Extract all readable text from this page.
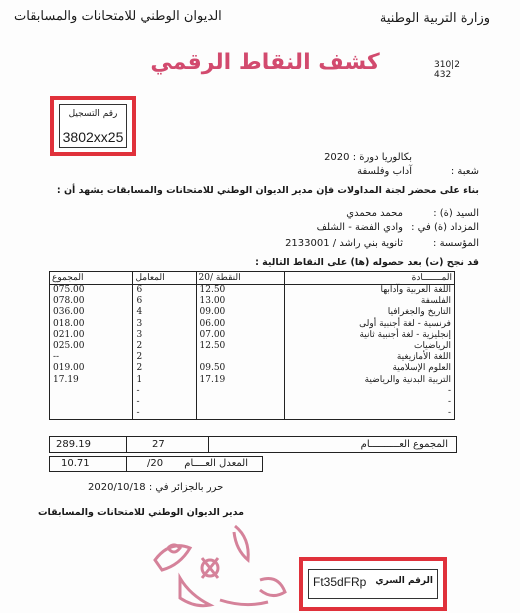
الديوان الوطني للامتحانات والمسابقات	وزارة التربية الوطنية
كشف النقاط الرقمي	310|2
432
رقم التسجيل
3802xx25
بكالوريا دورة : 2020
شعبة :
آداب وفلسفة
بناء على محضر لجنة المداولات فإن مدير الديوان الوطني للامتحانات والمسابقات يشهد أن :
السيد (ة) :
محمد محمدي
المزداد (ة) في :
وادي الفضة - الشلف
المؤسسة :
ثانوية بني راشد / 2133001
قد نجح (ت) بعد حصوله (ها) على النقاط التالية :
المجموع	المعامل	النقطة /20	المـــــــادة
075.00	6	12.50	اللغة العربية وآدابها
078.00	6	13.00	الفلسفة
036.00	4	09.00	التاريخ والجغرافيا
018.00	3	06.00	فرنسية - لغة أجنبية أولى
021.00	3	07.00	إنجليزية - لغة أجنبية ثانية
025.00	2	12.50	الرياضيات
--	2		اللغة الأمازيغية
019.00	2	09.50	العلوم الإسلامية
17.19	1	17.19	التربية البدنية والرياضية
	-		-
	-		-
	-		-
289.19	27	المجموع العــــــــــام
10.71	/20	المعدل العــــام
حرر بالجزائر في : 2020/10/18
مدير الديوان الوطني للامتحانات والمسابقات
Ft35dFRp الرقم السري
